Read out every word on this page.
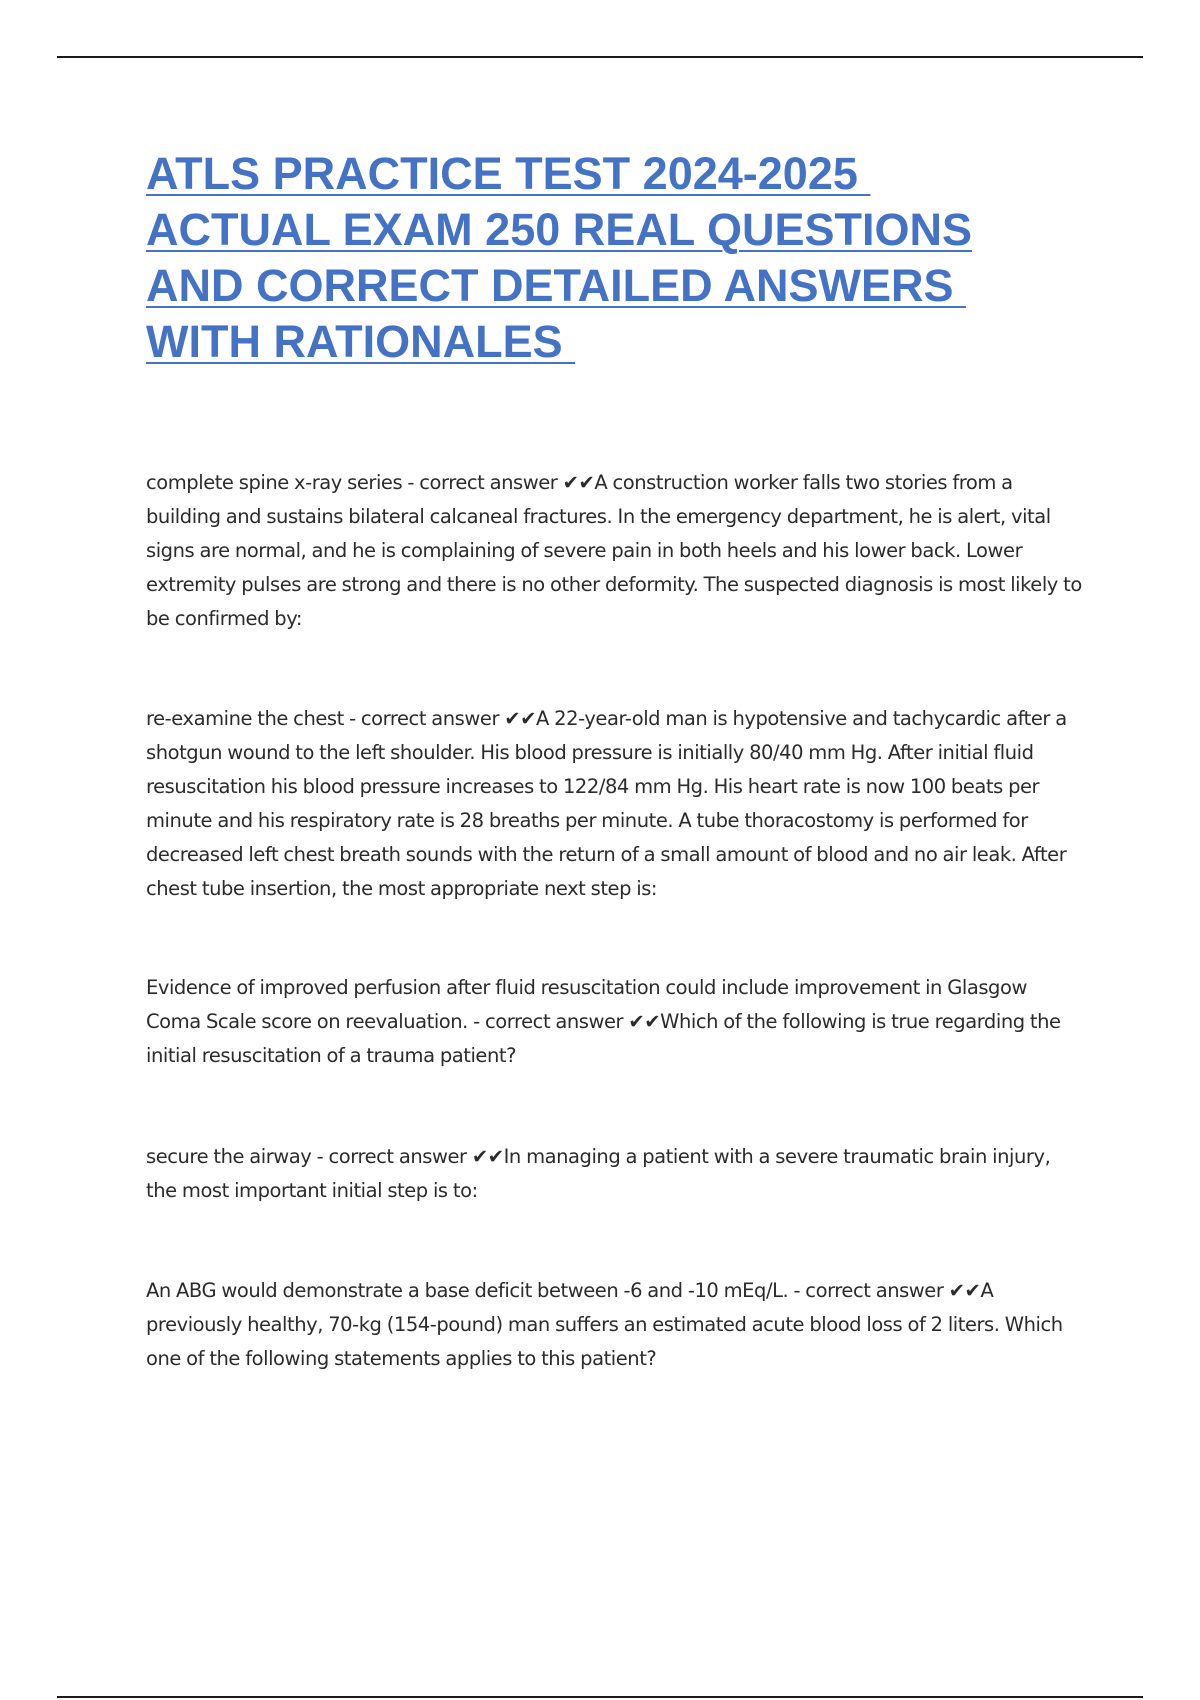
ATLS PRACTICE TEST 2024-2025
ACTUAL EXAM 250 REAL QUESTIONS
AND CORRECT DETAILED ANSWERS
WITH RATIONALES

complete spine x-ray series - correct answer ✔✔A construction worker falls two stories from a building and sustains bilateral calcaneal fractures. In the emergency department, he is alert, vital signs are normal, and he is complaining of severe pain in both heels and his lower back. Lower extremity pulses are strong and there is no other deformity. The suspected diagnosis is most likely to be confirmed by:

re-examine the chest - correct answer ✔✔A 22-year-old man is hypotensive and tachycardic after a shotgun wound to the left shoulder. His blood pressure is initially 80/40 mm Hg. After initial fluid resuscitation his blood pressure increases to 122/84 mm Hg. His heart rate is now 100 beats per minute and his respiratory rate is 28 breaths per minute. A tube thoracostomy is performed for decreased left chest breath sounds with the return of a small amount of blood and no air leak. After chest tube insertion, the most appropriate next step is:

Evidence of improved perfusion after fluid resuscitation could include improvement in Glasgow Coma Scale score on reevaluation. - correct answer ✔✔Which of the following is true regarding the initial resuscitation of a trauma patient?

secure the airway - correct answer ✔✔In managing a patient with a severe traumatic brain injury, the most important initial step is to:

An ABG would demonstrate a base deficit between -6 and -10 mEq/L. - correct answer ✔✔A previously healthy, 70-kg (154-pound) man suffers an estimated acute blood loss of 2 liters. Which one of the following statements applies to this patient?
